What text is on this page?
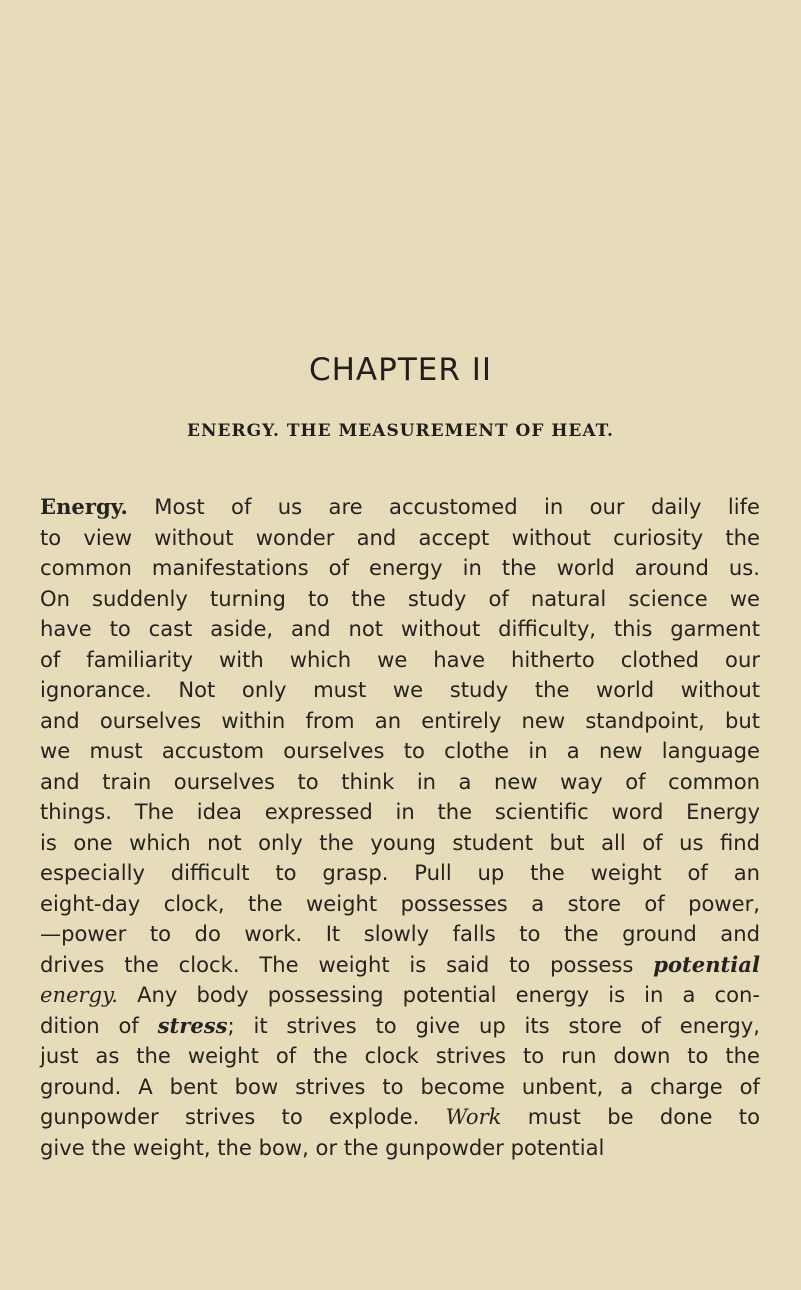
CHAPTER II
ENERGY. THE MEASUREMENT OF HEAT.
Energy. Most of us are accustomed in our daily life
to view without wonder and accept without curiosity the
common manifestations of energy in the world around us.
On suddenly turning to the study of natural science we
have to cast aside, and not without difficulty, this garment
of familiarity with which we have hitherto clothed our
ignorance. Not only must we study the world without
and ourselves within from an entirely new standpoint, but
we must accustom ourselves to clothe in a new language
and train ourselves to think in a new way of common
things. The idea expressed in the scientific word Energy
is one which not only the young student but all of us find
especially difficult to grasp. Pull up the weight of an
eight-day clock, the weight possesses a store of power,
—power to do work. It slowly falls to the ground and
drives the clock. The weight is said to possess potential
energy. Any body possessing potential energy is in a con-
dition of stress; it strives to give up its store of energy,
just as the weight of the clock strives to run down to the
ground. A bent bow strives to become unbent, a charge of
gunpowder strives to explode. Work must be done to
give the weight, the bow, or the gunpowder potential
